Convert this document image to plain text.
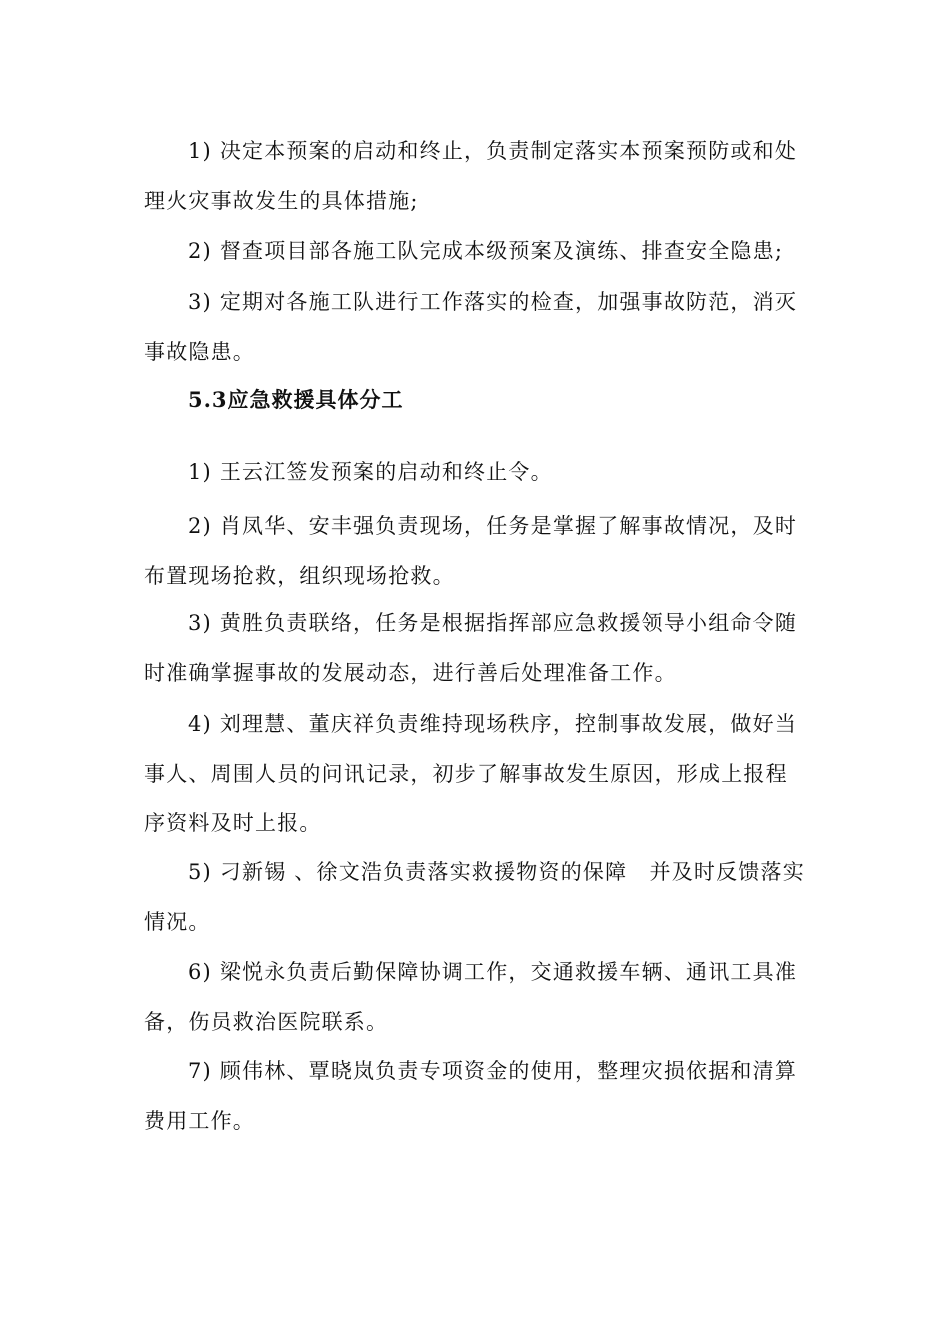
1) 决定本预案的启动和终止，负责制定落实本预案预防或和处
理火灾事故发生的具体措施;
2) 督查项目部各施工队完成本级预案及演练、排查安全隐患;
3) 定期对各施工队进行工作落实的检查，加强事故防范，消灭
事故隐患。
5.3应急救援具体分工
1) 王云江签发预案的启动和终止令。
2) 肖凤华、安丰强负责现场，任务是掌握了解事故情况，及时
布置现场抢救，组织现场抢救。
3) 黄胜负责联络，任务是根据指挥部应急救援领导小组命令随
时准确掌握事故的发展动态，进行善后处理准备工作。
4) 刘理慧、董庆祥负责维持现场秩序，控制事故发展，做好当
事人、周围人员的问讯记录，初步了解事故发生原因，形成上报程
序资料及时上报。
5) 刁新锡 、徐文浩负责落实救援物资的保障　并及时反馈落实
情况。
6) 梁悦永负责后勤保障协调工作，交通救援车辆、通讯工具准
备，伤员救治医院联系。
7) 顾伟林、覃晓岚负责专项资金的使用，整理灾损依据和清算
费用工作。
